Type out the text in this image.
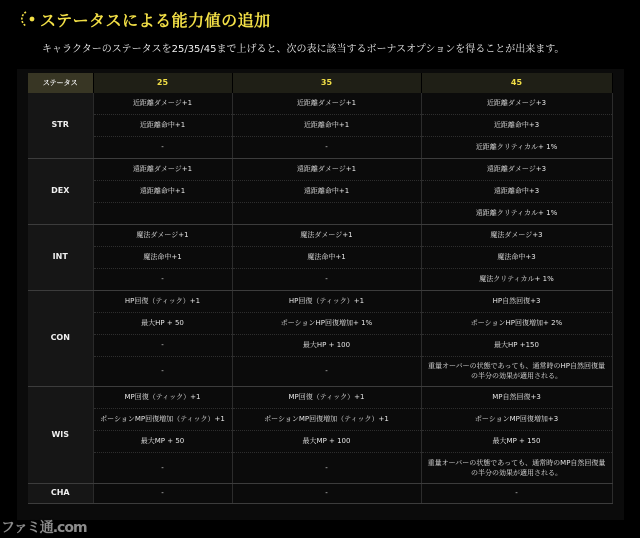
ステータスによる能力値の追加
キャラクターのステータスを25/35/45まで上げると、次の表に該当するボーナスオプションを得ることが出来ます。
ステータス	25	35	45
STR	近距離ダメージ+1	近距離ダメージ+1	近距離ダメージ+3
	近距離命中+1	近距離命中+1	近距離命中+3
	-	-	近距離クリティカル+ 1%
DEX	遠距離ダメージ+1	遠距離ダメージ+1	遠距離ダメージ+3
	遠距離命中+1	遠距離命中+1	遠距離命中+3
			遠距離クリティカル+ 1%
INT	魔法ダメージ+1	魔法ダメージ+1	魔法ダメージ+3
	魔法命中+1	魔法命中+1	魔法命中+3
	-	-	魔法クリティカル+ 1%
CON	HP回復（ティック）+1	HP回復（ティック）+1	HP自然回復+3
	最大HP + 50	ポーションHP回復増加+ 1%	ポーションHP回復増加+ 2%
	-	最大HP + 100	最大HP +150
	-	-	重量オーバーの状態であっても、通常時のHP自然回復量の半分の効果が適用される。
WIS	MP回復（ティック）+1	MP回復（ティック）+1	MP自然回復+3
	ポーションMP回復増加（ティック）+1	ポーションMP回復増加（ティック）+1	ポーションMP回復増加+3
	最大MP + 50	最大MP + 100	最大MP + 150
	-	-	重量オーバーの状態であっても、通常時のMP自然回復量の半分の効果が適用される。
CHA	-	-	-
ファミ通.com
